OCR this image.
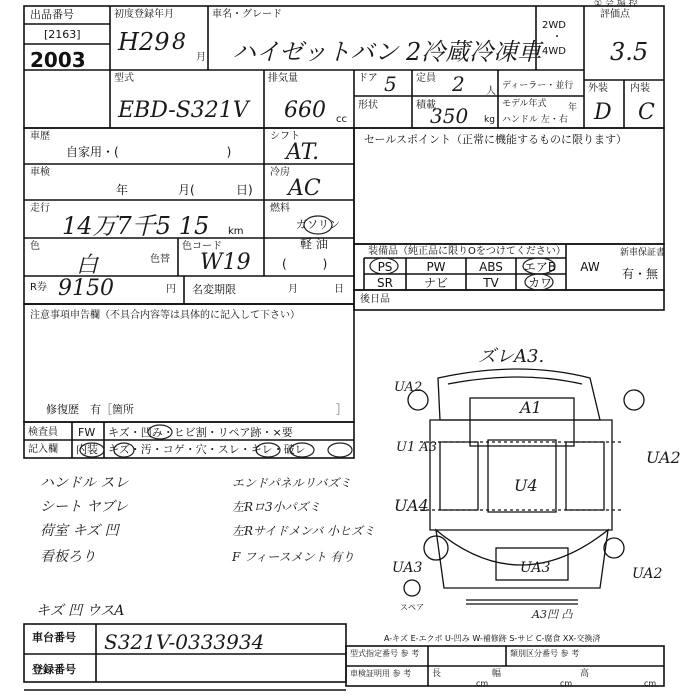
出品番号
[2163]
2003
初度登録年月
H29 8
月
車名・グレード
ハイゼットバン 2冷蔵冷凍車
2WD
・
4WD
評価点
① 会 場 控
3.5
外装 内装
D C
型式
EBD-S321V
排気量
660 cc
ドア 5 定員 2 人
形状	積載
350 kg
ディーラー・並行
モデル年式 年
ハンドル 左・右
車歴
自家用・(　　　　　　　　　)
車検
年	月(	日)
走行
14万7千5 15 km
色
白	色替
色コード
W19
シフト
AT.
冷房
AC
燃料
ガソリン
軽 油
(　　　)
R券 9150	円 名変期限	月	日
注意事項申告欄（不具合内容等は具体的に記入して下さい）
修復歴　有［箇所	］
検査員 FW キズ・凹み・ヒビ割・リペア跡・×要
記入欄 内装 キズ・汚・コゲ・穴・スレ・キレ・破レ
セールスポイント（正常に機能するものに限ります）
装備品（純正品に限りOをつけてください）	新車保証書
有・無
PS	PW	ABS	エアB	AW
SR	ナビ	TV	カワ
後日品
ハンドル スレ
シート ヤブレ
荷室 キズ 凹
看板ろり
キズ 凹 ウスA
エンドパネルリバズミ
左Rロ3小パズミ
左Rサイドメンバ 小ヒズミ
F フィースメント 有り
ズレA3.
UA2
A1
U1 A3
UA2
U4
UA4
UA3	UA3	UA2
A3凹 凸
スペア
A-キズ E-エクボ U-凹み W-補修跡 S-サビ C-腐食 XX-交換済
車台番号 S321V-0333934
登録番号
型式指定番号 参 考	類別区分番号 参 考
車検証明用 参 考 長
cm
幅
cm
高
cm
